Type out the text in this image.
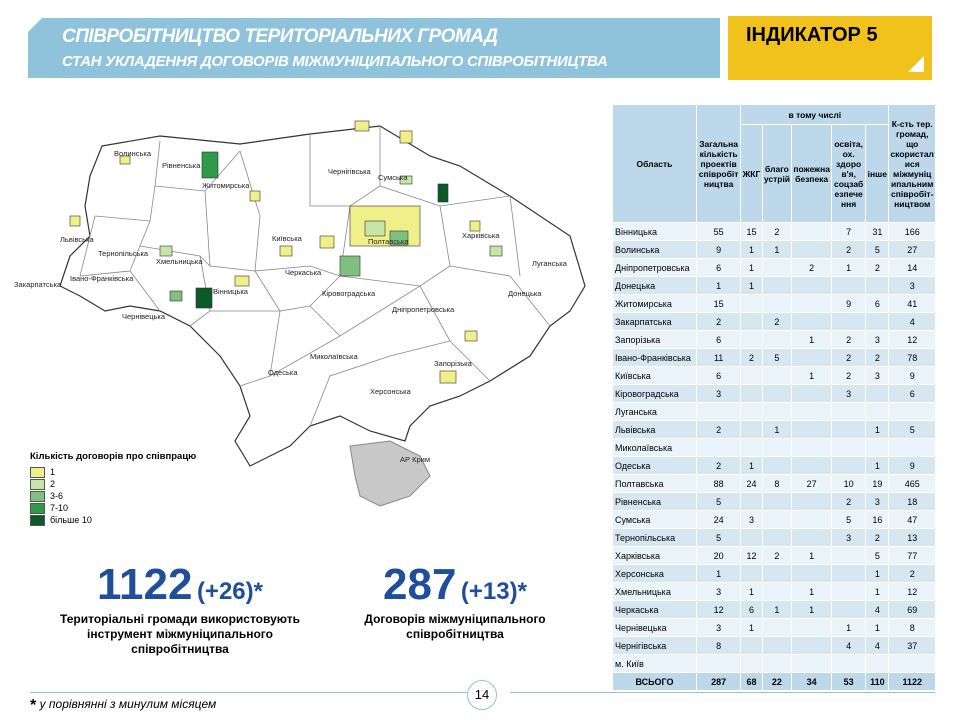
СПІВРОБІТНИЦТВО ТЕРИТОРІАЛЬНИХ ГРОМАД
СТАН УКЛАДЕННЯ ДОГОВОРІВ МІЖМУНІЦИПАЛЬНОГО СПІВРОБІТНИЦТВА
ІНДИКАТОР 5
Волинська
Рівненська
Житомирська
Київська
Чернігівська
Сумська
Харківська
Полтавська
Луганська
Донецька
Львівська
Тернопільська
Хмельницька
Вінницька
Черкаська
Кіровоградська
Дніпропетровська
Закарпатська
Івано-Франківська
Чернівецька
Миколаївська
Одеська
Херсонська
Запорізька
АР Крим
Кількість договорів про співпрацю
1
2
3-6
7-10
більше 10
1122 (+26)*
Територіальні громади використовують інструмент міжмуніципального співробітництва
287 (+13)*
Договорів міжмуніципального співробітництва
Область	Загальна кількість проектів співробіт ництва	в тому числі					К-сть тер. громад, що скористал ися міжмуніц ипальним співробіт-ництвом
		ЖКГ	благо устрій	пожежна безпека	освіта, ох. здоро в'я, соцзаб езпече ння	інше	
Вінницька	55	15	2		7	31	166
Волинська	9	1	1		2	5	27
Дніпропетровська	6	1		2	1	2	14
Донецька	1	1					3
Житомирська	15				9	6	41
Закарпатська	2		2				4
Запорізька	6			1	2	3	12
Івано-Франківська	11	2	5		2	2	78
Київська	6			1	2	3	9
Кіровоградська	3				3		6
Луганська							
Львівська	2		1			1	5
Миколаївська							
Одеська	2	1				1	9
Полтавська	88	24	8	27	10	19	465
Рівненська	5				2	3	18
Сумська	24	3			5	16	47
Тернопільська	5				3	2	13
Харківська	20	12	2	1		5	77
Херсонська	1					1	2
Хмельницька	3	1		1		1	12
Черкаська	12	6	1	1		4	69
Чернівецька	3	1			1	1	8
Чернігівська	8				4	4	37
м. Київ							
ВСЬОГО	287	68	22	34	53	110	1122
14
* у порівнянні з минулим місяцем
